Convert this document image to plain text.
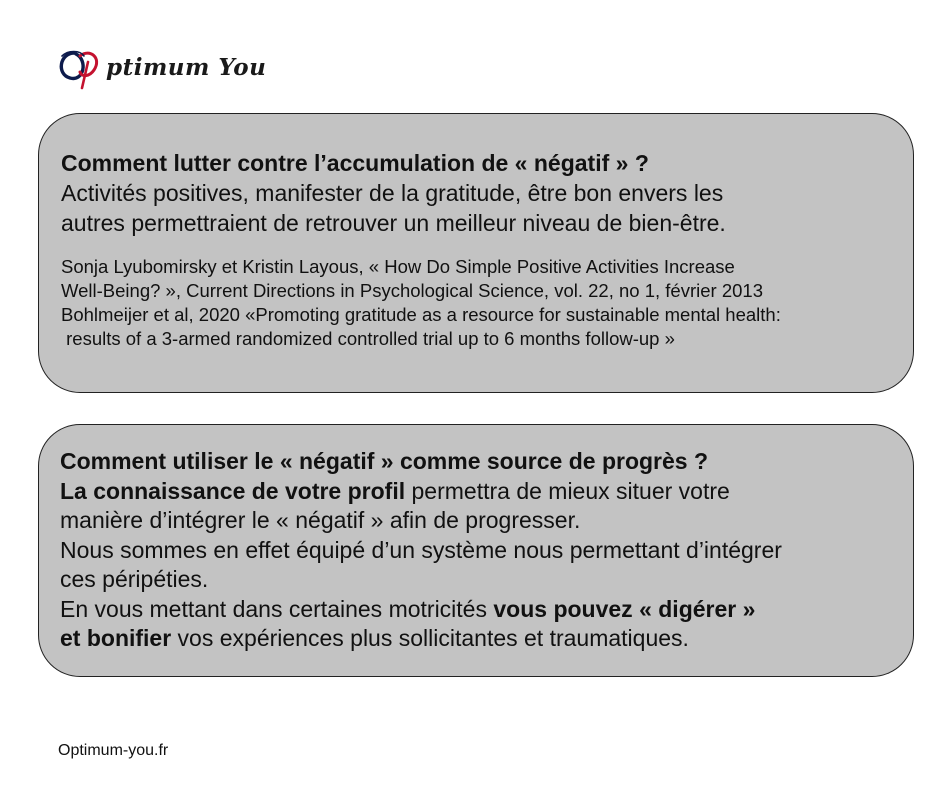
ptimum You
Comment lutter contre l’accumulation de « négatif » ?
Activités positives, manifester de la gratitude, être bon envers les
autres permettraient de retrouver un meilleur niveau de bien-être.
Sonja Lyubomirsky et Kristin Layous, « How Do Simple Positive Activities Increase
Well-Being? », Current Directions in Psychological Science, vol. 22, no 1, février 2013
Bohlmeijer et al, 2020 «Promoting gratitude as a resource for sustainable mental health:
results of a 3-armed randomized controlled trial up to 6 months follow-up »
Comment utiliser le « négatif » comme source de progrès ?
La connaissance de votre profil permettra de mieux situer votre
manière d’intégrer le « négatif » afin de progresser.
Nous sommes en effet équipé d’un système nous permettant d’intégrer
ces péripéties.
En vous mettant dans certaines motricités vous pouvez « digérer »
et bonifier vos expériences plus sollicitantes et traumatiques.
Optimum-you.fr
